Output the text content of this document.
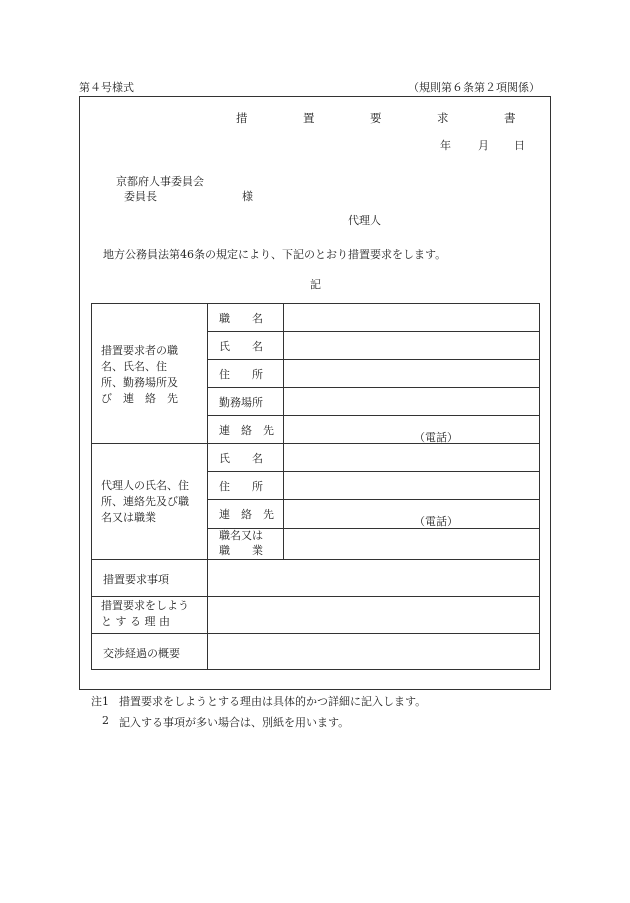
第４号様式	（規則第６条第２項関係）
措　置　要　求　書
年 月 日
京都府人事委員会
委員長	様
代理人
地方公務員法第46条の規定により、下記のとおり措置要求をします。
記
措置要求者の職
名、氏名、住
所、勤務場所及
び　連　絡　先
職　　名
氏　　名
住　　所
勤務場所
連　絡　先
（電話）
代理人の氏名、住
所、連絡先及び職
名又は職業
氏　　名
住　　所
連　絡　先
（電話）
職名又は
職　　業
措置要求事項
措置要求をしよう
と す る 理 由
交渉経過の概要
注1 措置要求をしようとする理由は具体的かつ詳細に記入します。
2 記入する事項が多い場合は、別紙を用います。
